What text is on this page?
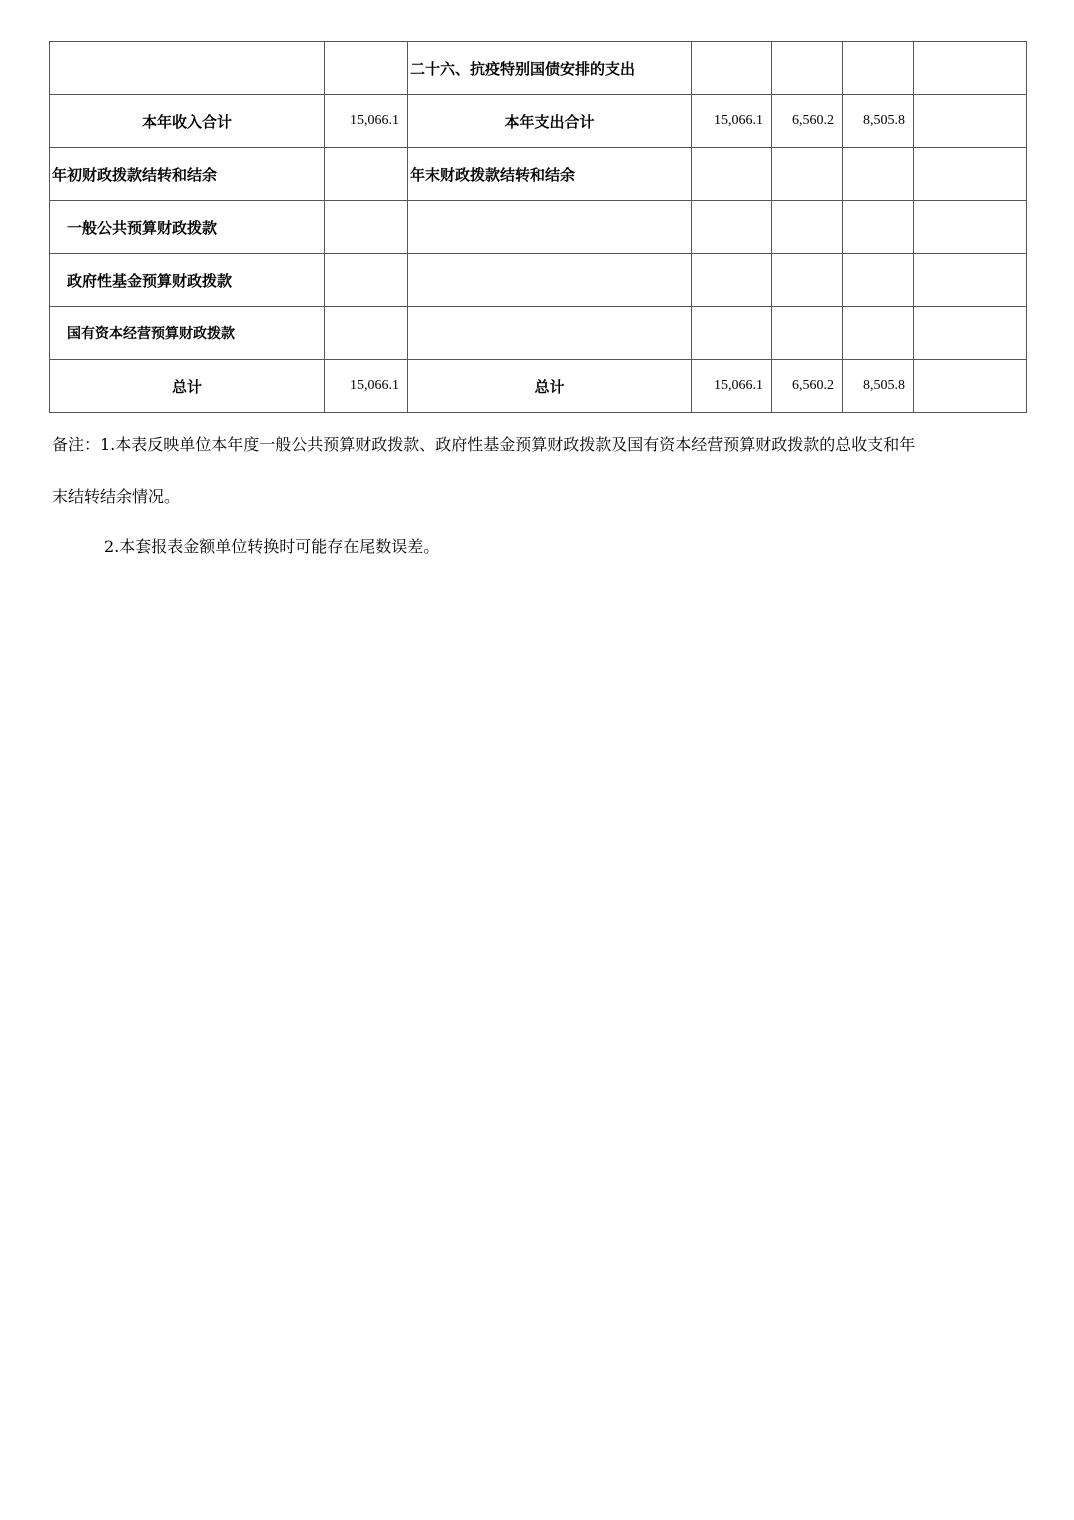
		二十六、抗疫特别国债安排的支出				
本年收入合计	15,066.1	本年支出合计	15,066.1	6,560.2	8,505.8	
年初财政拨款结转和结余		年末财政拨款结转和结余				
一般公共预算财政拨款						
政府性基金预算财政拨款						
国有资本经营预算财政拨款						
总计	15,066.1	总计	15,066.1	6,560.2	8,505.8	
备注：1.本表反映单位本年度一般公共预算财政拨款、政府性基金预算财政拨款及国有资本经营预算财政拨款的总收支和年
末结转结余情况。
2.本套报表金额单位转换时可能存在尾数误差。
